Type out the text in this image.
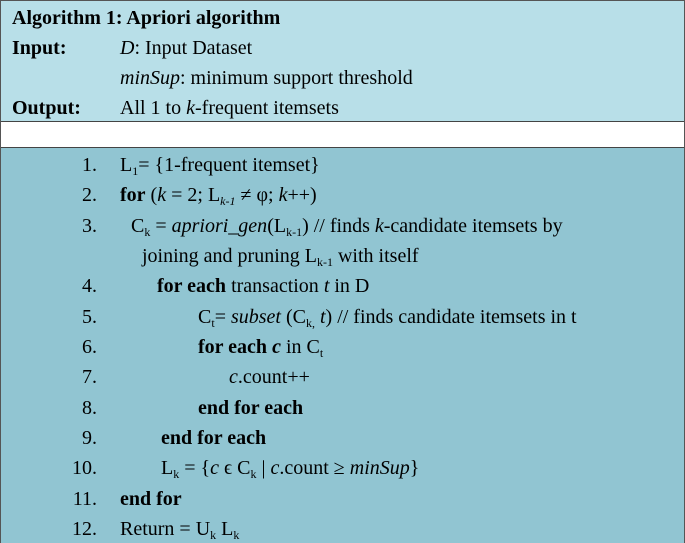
Algorithm 1: Apriori algorithm
Input:	D: Input Dataset
minSup: minimum support threshold
Output: All 1 to k-frequent itemsets
1.
2.
3.
4.
5.
6.
7.
8.
9.
10.
11.
12.
$L_1=$ {1-frequent itemset}
for (k = 2; $L_{k-1} \ne \varphi$; k++)
$C_k$ = $apriori\_gen(L_{k-1})$ // finds k-candidate itemsets by
joining and pruning $L_{k-1}$ with itself
for each transaction t in D
$C_t=$ subset ($C_{k,}$ t) // finds candidate itemsets in t
for each c in $C_t$
c.count++
end for each
end for each
$L_k = \{c$ ϵ $C_k$ | c.count ≥ minSup}
end for
Return = $U_k$ $L_k$
